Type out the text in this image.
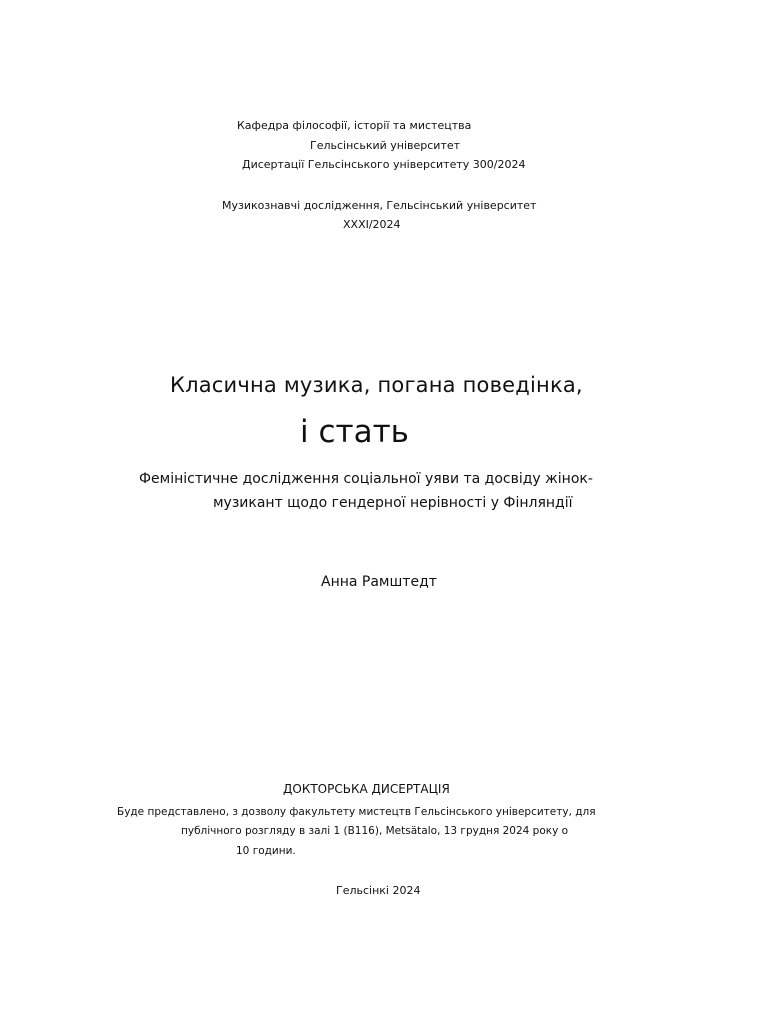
Кафедра філософії, історії та мистецтва
Гельсінський університет
Дисертації Гельсінського університету 300/2024
Музикознавчі дослідження, Гельсінський університет
XXXI/2024
Класична музика, погана поведінка,
і стать
Феміністичне дослідження соціальної уяви та досвіду жінок-
музикант щодо гендерної нерівності у Фінляндії
Анна Рамштедт
ДОКТОРСЬКА ДИСЕРТАЦІЯ
Буде представлено, з дозволу факультету мистецтв Гельсінського університету, для
публічного розгляду в залі 1 (B116), Metsätalo, 13 грудня 2024 року о
10 години.
Гельсінкі 2024
